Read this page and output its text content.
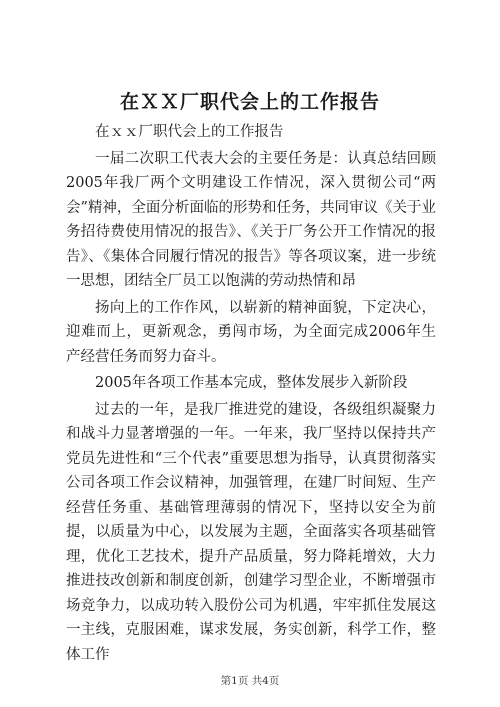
在ＸＸ厂职代会上的工作报告

在ｘｘ厂职代会上的工作报告

一届二次职工代表大会的主要任务是：认真总结回顾2005年我厂两个文明建设工作情况，深入贯彻公司“两会”精神，全面分析面临的形势和任务，共同审议《关于业务招待费使用情况的报告》、《关于厂务公开工作情况的报告》、《集体合同履行情况的报告》等各项议案，进一步统一思想，团结全厂员工以饱满的劳动热情和昂

扬向上的工作作风，以崭新的精神面貌，下定决心，迎难而上，更新观念，勇闯市场，为全面完成2006年生产经营任务而努力奋斗。

2005年各项工作基本完成，整体发展步入新阶段

过去的一年，是我厂推进党的建设，各级组织凝聚力和战斗力显著增强的一年。一年来，我厂坚持以保持共产党员先进性和“三个代表”重要思想为指导，认真贯彻落实公司各项工作会议精神，加强管理，在建厂时间短、生产经营任务重、基础管理薄弱的情况下，坚持以安全为前提，以质量为中心，以发展为主题，全面落实各项基础管理，优化工艺技术，提升产品质量，努力降耗增效，大力推进技改创新和制度创新，创建学习型企业，不断增强市场竞争力，以成功转入股份公司为机遇，牢牢抓住发展这一主线，克服困难，谋求发展，务实创新，科学工作，整体工作

第1页 共4页
